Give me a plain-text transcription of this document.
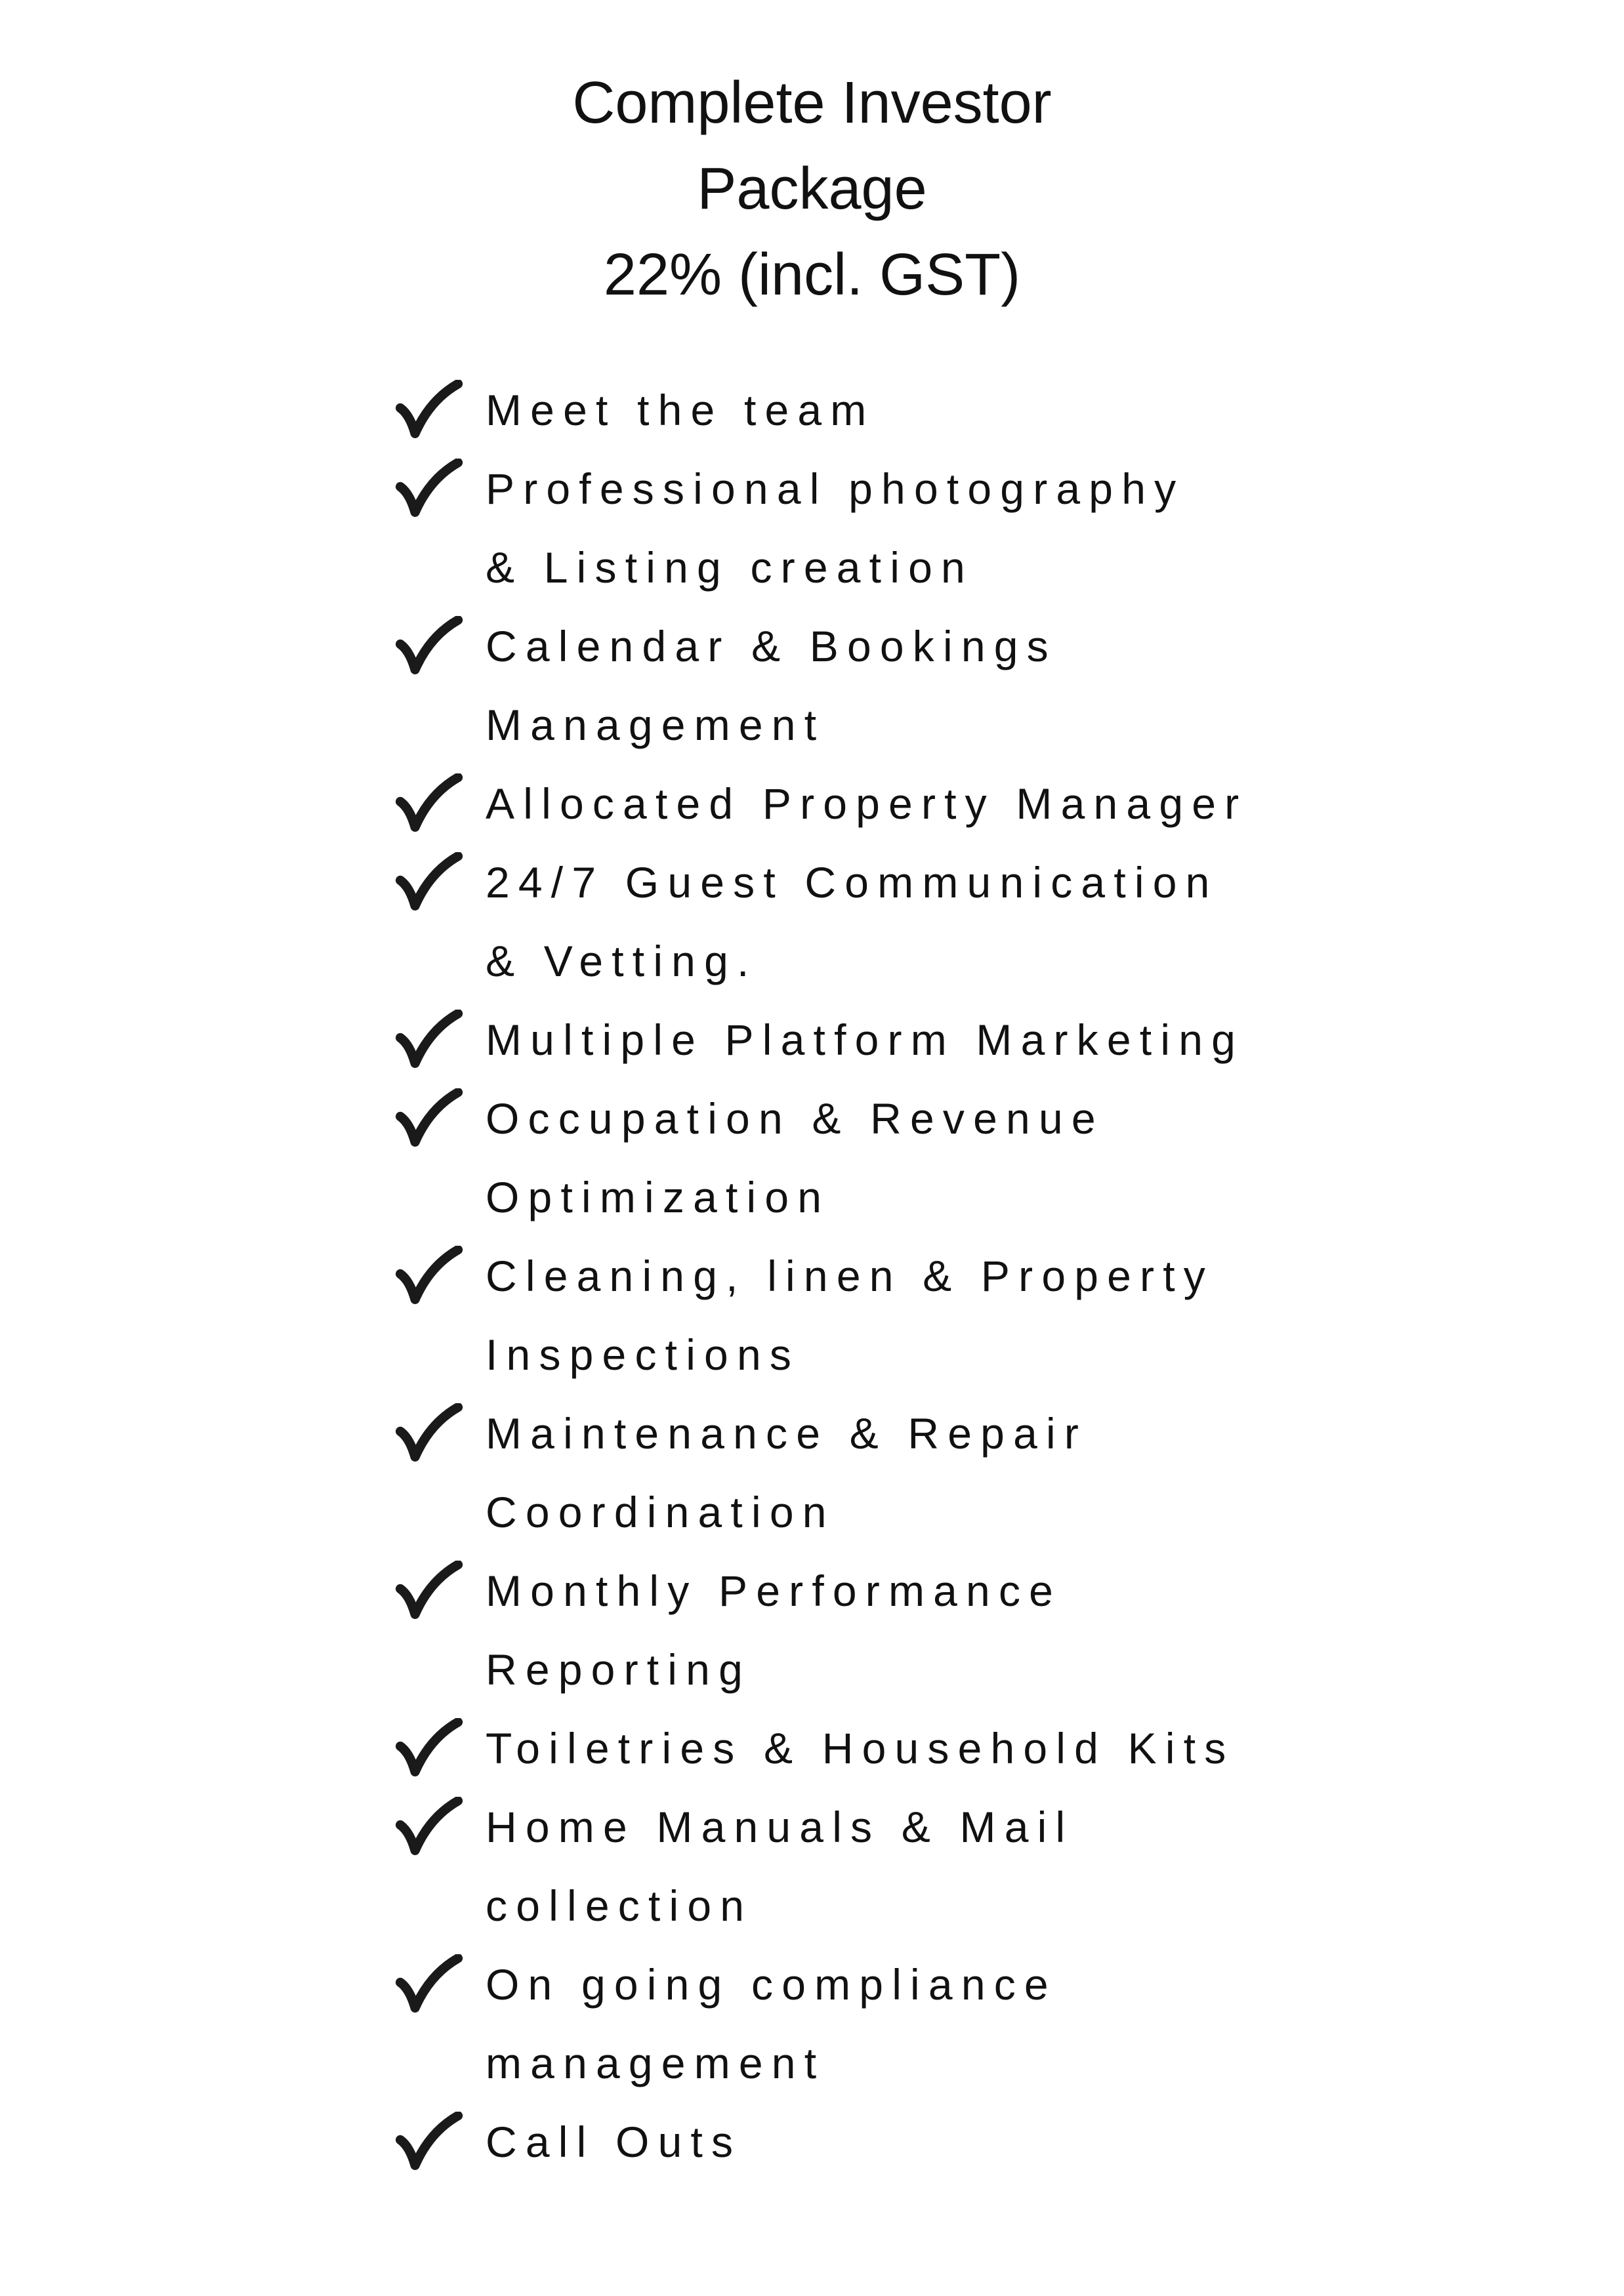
Complete Investor
Package
22% (incl. GST)
Meet the team
Professional photography
& Listing creation
Calendar & Bookings
Management
Allocated Property Manager
24/7 Guest Communication
& Vetting.
Multiple Platform Marketing
Occupation & Revenue
Optimization
Cleaning, linen & Property
Inspections
Maintenance & Repair
Coordination
Monthly Performance
Reporting
Toiletries & Household Kits
Home Manuals & Mail
collection
On going compliance
management
Call Outs
